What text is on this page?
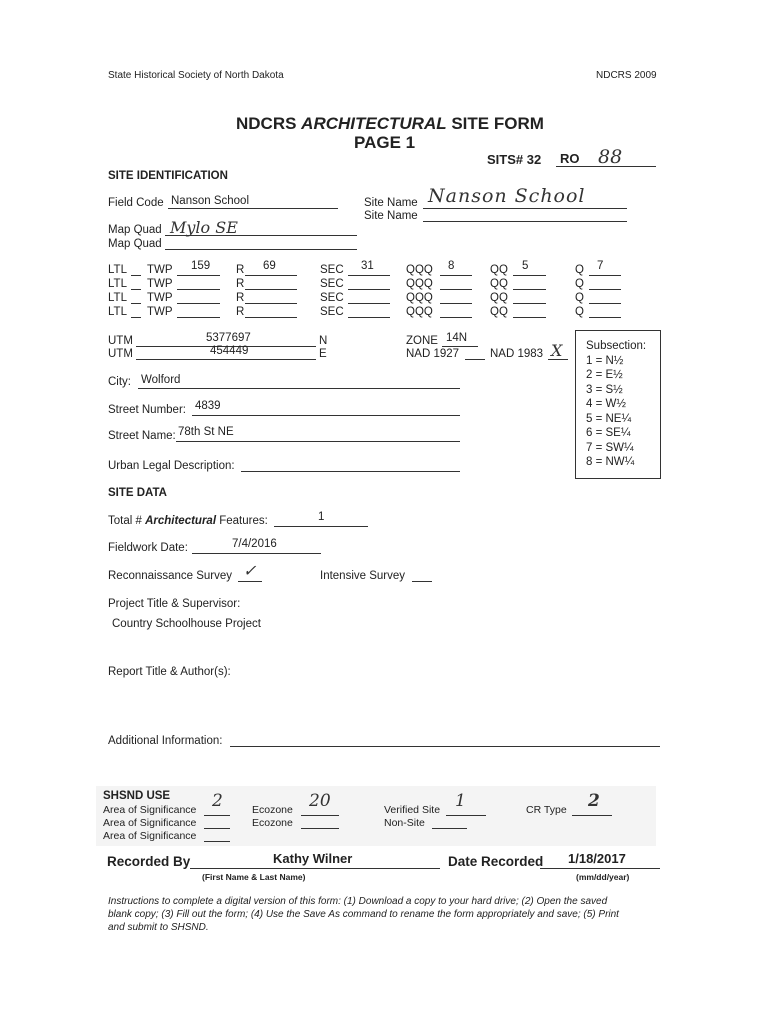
State Historical Society of North Dakota	NDCRS 2009
NDCRS ARCHITECTURAL SITE FORM
PAGE 1
SITS# 32 RO 88
SITE IDENTIFICATION
Field Code Nanson School	Site Name Nanson School
Site Name
Map Quad Mylo SE
Map Quad
LTL TWP 159 R 69	SEC 31	QQQ 8	QQ 5	Q 7
LTL TWP	R	SEC	QQQ	QQ	Q
LTL TWP	R	SEC	QQQ	QQ	Q
LTL TWP	R	SEC	QQQ	QQ	Q
UTM	5377697	N
UTM	454449	E
ZONE 14N
NAD 1927	NAD 1983 X	Subsection:
1 = N½
2 = E½
3 = S½
4 = W½
5 = NE¼
6 = SE¼
7 = SW¼
8 = NW¼
City: Wolford
Street Number: 4839
Street Name: 78th St NE
Urban Legal Description:
SITE DATA
Total # Architectural Features:	1
Fieldwork Date:	7/4/2016
Reconnaissance Survey ✓	Intensive Survey
Project Title & Supervisor:
Country Schoolhouse Project
Report Title & Author(s):
Additional Information:
SHSND USE
Area of Significance 2
Area of Significance
Area of Significance
Ecozone 20
Ecozone
Verified Site 1
Non-Site
CR Type 2
Recorded By	Kathy Wilner
(First Name & Last Name)
Date Recorded 1/18/2017
(mm/dd/year)
Instructions to complete a digital version of this form: (1) Download a copy to your hard drive; (2) Open the saved
blank copy; (3) Fill out the form; (4) Use the Save As command to rename the form appropriately and save; (5) Print
and submit to SHSND.
